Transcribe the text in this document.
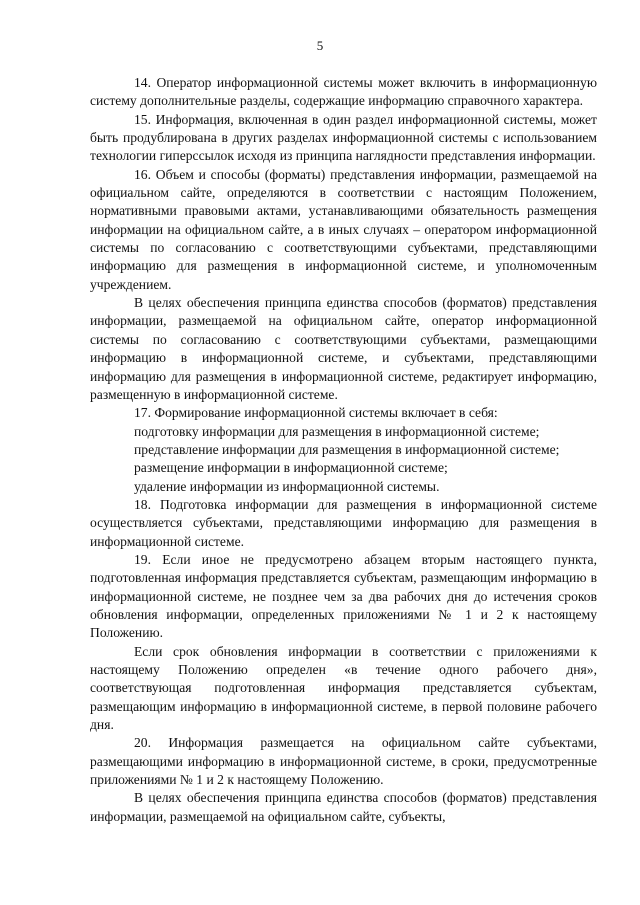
5

14. Оператор информационной системы может включить в информационную систему дополнительные разделы, содержащие информацию справочного характера.

15. Информация, включенная в один раздел информационной системы, может быть продублирована в других разделах информационной системы с использованием технологии гиперссылок исходя из принципа наглядности представления информации.

16. Объем и способы (форматы) представления информации, размещаемой на официальном сайте, определяются в соответствии с настоящим Положением, нормативными правовыми актами, устанавливающими обязательность размещения информации на официальном сайте, а в иных случаях – оператором информационной системы по согласованию с соответствующими субъектами, представляющими информацию для размещения в информационной системе, и уполномоченным учреждением.

В целях обеспечения принципа единства способов (форматов) представления информации, размещаемой на официальном сайте, оператор информационной системы по согласованию с соответствующими субъектами, размещающими информацию в информационной системе, и субъектами, представляющими информацию для размещения в информационной системе, редактирует информацию, размещенную в информационной системе.

17. Формирование информационной системы включает в себя:

подготовку информации для размещения в информационной системе;

представление информации для размещения в информационной системе;

размещение информации в информационной системе;

удаление информации из информационной системы.

18. Подготовка информации для размещения в информационной системе осуществляется субъектами, представляющими информацию для размещения в информационной системе.

19. Если иное не предусмотрено абзацем вторым настоящего пункта, подготовленная информация представляется субъектам, размещающим информацию в информационной системе, не позднее чем за два рабочих дня до истечения сроков обновления информации, определенных приложениями № 1 и 2 к настоящему Положению.

Если срок обновления информации в соответствии с приложениями к настоящему Положению определен «в течение одного рабочего дня», соответствующая подготовленная информация представляется субъектам, размещающим информацию в информационной системе, в первой половине рабочего дня.

20. Информация размещается на официальном сайте субъектами, размещающими информацию в информационной системе, в сроки, предусмотренные приложениями № 1 и 2 к настоящему Положению.

В целях обеспечения принципа единства способов (форматов) представления информации, размещаемой на официальном сайте, субъекты,
